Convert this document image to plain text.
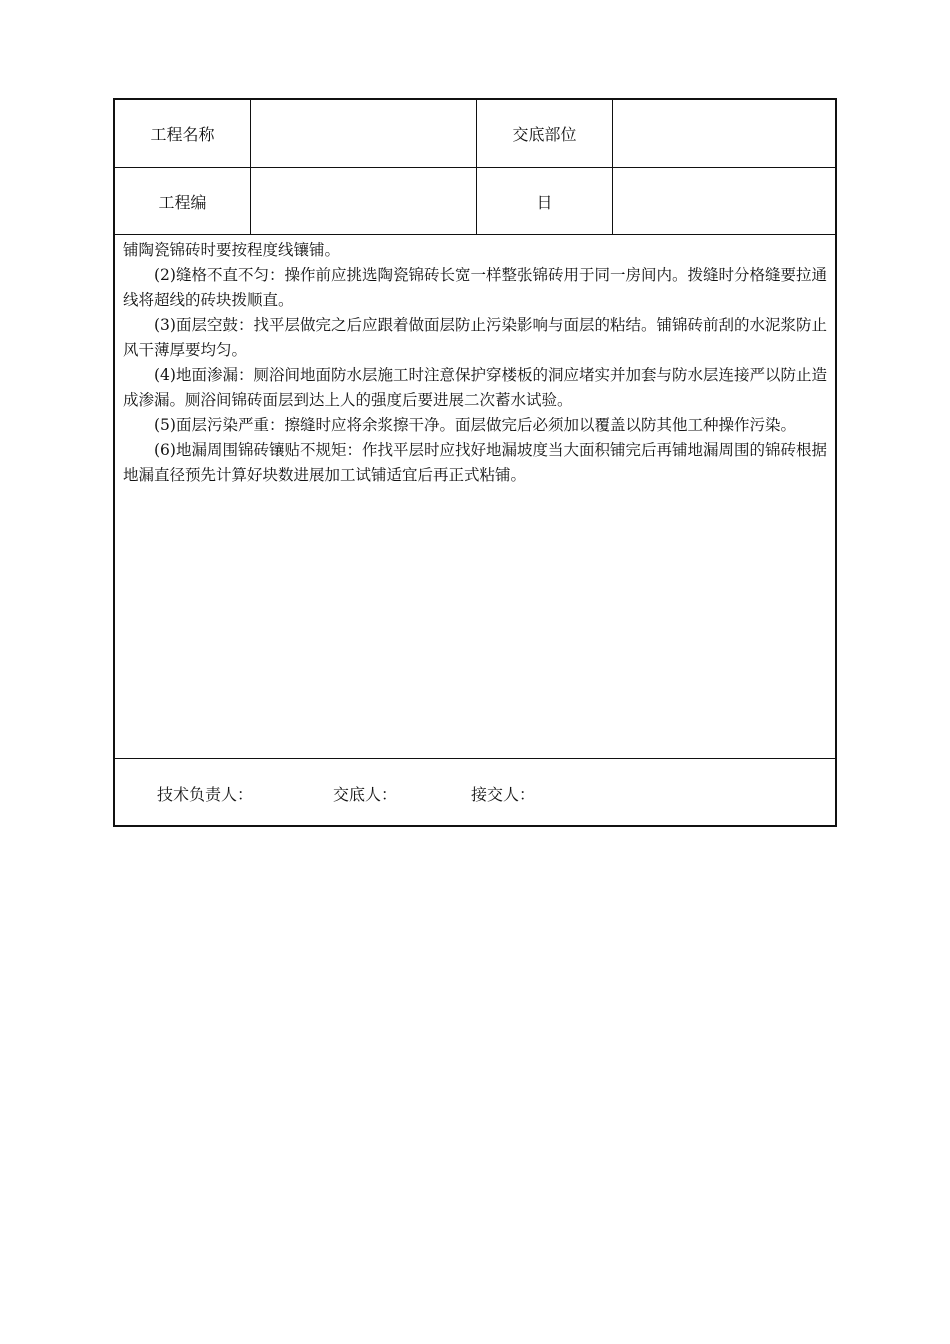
工程名称	交底部位
工程编	日

铺陶瓷锦砖时要按程度线镶铺。

(2)缝格不直不匀：操作前应挑选陶瓷锦砖长宽一样整张锦砖用于同一房间内。拨缝时分格缝要拉通线将超线的砖块拨顺直。

(3)面层空鼓：找平层做完之后应跟着做面层防止污染影响与面层的粘结。铺锦砖前刮的水泥浆防止风干薄厚要均匀。

(4)地面渗漏：厕浴间地面防水层施工时注意保护穿楼板的洞应堵实并加套与防水层连接严以防止造成渗漏。厕浴间锦砖面层到达上人的强度后要进展二次蓄水试验。

(5)面层污染严重：擦缝时应将余浆擦干净。面层做完后必须加以覆盖以防其他工种操作污染。

(6)地漏周围锦砖镶贴不规矩：作找平层时应找好地漏坡度当大面积铺完后再铺地漏周围的锦砖根据地漏直径预先计算好块数进展加工试铺适宜后再正式粘铺。

技术负责人：	交底人：	接交人：
